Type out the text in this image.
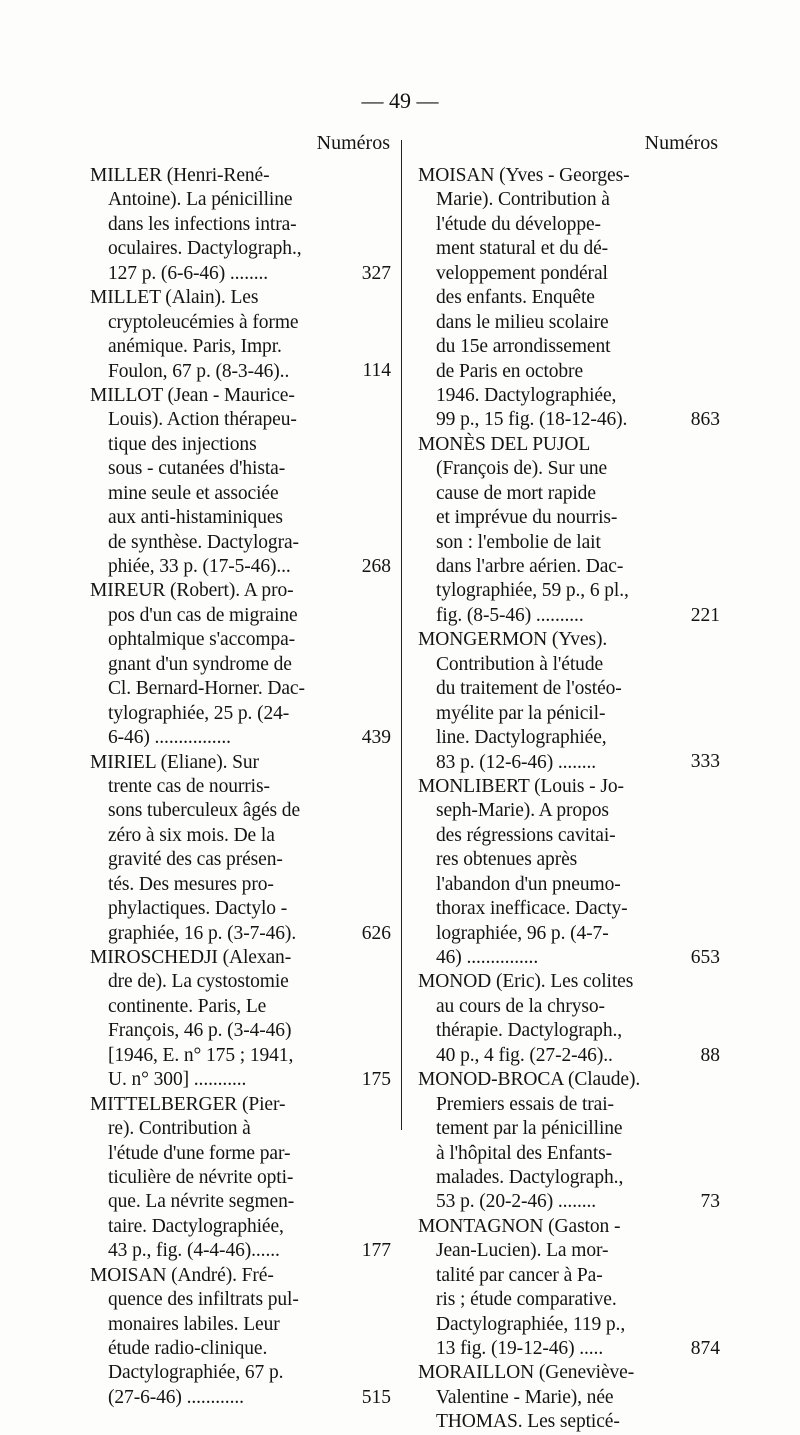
— 49 —
Numéros
MILLER (Henri-René-
Antoine). La pénicilline
dans les infections intra-
oculaires. Dactylograph.,
127 p. (6-6-46) ........	327
MILLET (Alain). Les
cryptoleucémies à forme
anémique. Paris, Impr.
Foulon, 67 p. (8-3-46)..	114
MILLOT (Jean - Maurice-
Louis). Action thérapeu-
tique des injections
sous - cutanées d'hista-
mine seule et associée
aux anti-histaminiques
de synthèse. Dactylogra-
phiée, 33 p. (17-5-46)...	268
MIREUR (Robert). A pro-
pos d'un cas de migraine
ophtalmique s'accompa-
gnant d'un syndrome de
Cl. Bernard-Horner. Dac-
tylographiée, 25 p. (24-
6-46) ................	439
MIRIEL (Eliane). Sur
trente cas de nourris-
sons tuberculeux âgés de
zéro à six mois. De la
gravité des cas présen-
tés. Des mesures pro-
phylactiques. Dactylo -
graphiée, 16 p. (3-7-46).	626
MIROSCHEDJI (Alexan-
dre de). La cystostomie
continente. Paris, Le
François, 46 p. (3-4-46)
[1946, E. n° 175 ; 1941,
U. n° 300] ...........	175
MITTELBERGER (Pier-
re). Contribution à
l'étude d'une forme par-
ticulière de névrite opti-
que. La névrite segmen-
taire. Dactylographiée,
43 p., fig. (4-4-46)......	177
MOISAN (André). Fré-
quence des infiltrats pul-
monaires labiles. Leur
étude radio-clinique.
Dactylographiée, 67 p.
(27-6-46) ............	515
Numéros
MOISAN (Yves - Georges-
Marie). Contribution à
l'étude du développe-
ment statural et du dé-
veloppement pondéral
des enfants. Enquête
dans le milieu scolaire
du 15e arrondissement
de Paris en octobre
1946. Dactylographiée,
99 p., 15 fig. (18-12-46).	863
MONÈS DEL PUJOL
(François de). Sur une
cause de mort rapide
et imprévue du nourris-
son : l'embolie de lait
dans l'arbre aérien. Dac-
tylographiée, 59 p., 6 pl.,
fig. (8-5-46) ..........	221
MONGERMON (Yves).
Contribution à l'étude
du traitement de l'ostéo-
myélite par la pénicil-
line. Dactylographiée,
83 p. (12-6-46) ........	333
MONLIBERT (Louis - Jo-
seph-Marie). A propos
des régressions cavitai-
res obtenues après
l'abandon d'un pneumo-
thorax inefficace. Dacty-
lographiée, 96 p. (4-7-
46) ...............	653
MONOD (Eric). Les colites
au cours de la chryso-
thérapie. Dactylograph.,
40 p., 4 fig. (27-2-46)..	88
MONOD-BROCA (Claude).
Premiers essais de trai-
tement par la pénicilline
à l'hôpital des Enfants-
malades. Dactylograph.,
53 p. (20-2-46) ........	73
MONTAGNON (Gaston -
Jean-Lucien). La mor-
talité par cancer à Pa-
ris ; étude comparative.
Dactylographiée, 119 p.,
13 fig. (19-12-46) .....	874
MORAILLON (Geneviève-
Valentine - Marie), née
THOMAS. Les septicé-
